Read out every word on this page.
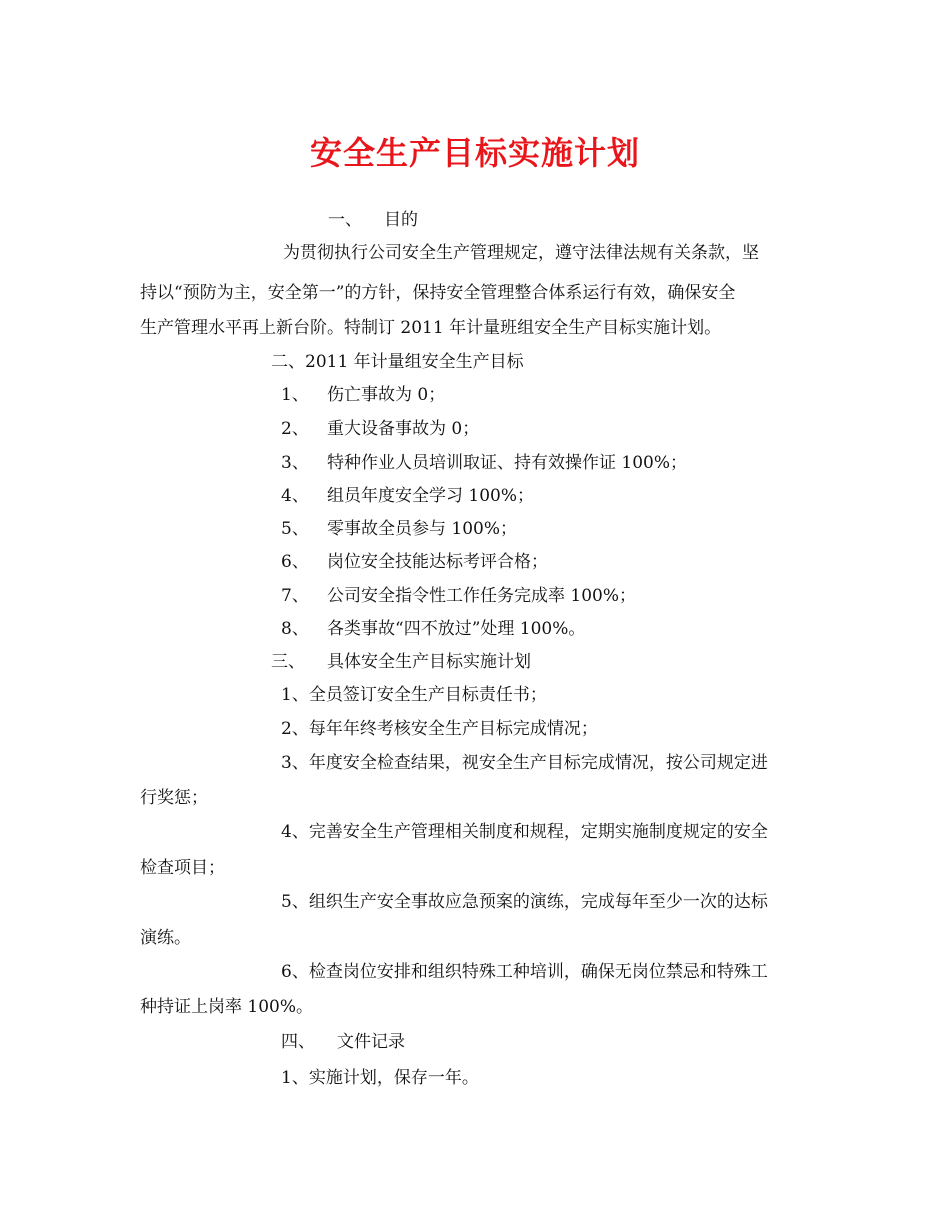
安全生产目标实施计划
一、 目的
为贯彻执行公司安全生产管理规定，遵守法律法规有关条款，坚
持以“预防为主，安全第一”的方针，保持安全管理整合体系运行有效，确保安全
生产管理水平再上新台阶。特制订 2011 年计量班组安全生产目标实施计划。
二、2011 年计量组安全生产目标
1、 伤亡事故为 0；
2、 重大设备事故为 0；
3、 特种作业人员培训取证、持有效操作证 100%；
4、 组员年度安全学习 100%；
5、 零事故全员参与 100%；
6、 岗位安全技能达标考评合格；
7、 公司安全指令性工作任务完成率 100%；
8、 各类事故“四不放过”处理 100%。
三、 具体安全生产目标实施计划
1、全员签订安全生产目标责任书；
2、每年年终考核安全生产目标完成情况；
3、年度安全检查结果，视安全生产目标完成情况，按公司规定进
行奖惩；
4、完善安全生产管理相关制度和规程，定期实施制度规定的安全
检查项目；
5、组织生产安全事故应急预案的演练，完成每年至少一次的达标
演练。
6、检查岗位安排和组织特殊工种培训，确保无岗位禁忌和特殊工
种持证上岗率 100%。
四、 文件记录
1、实施计划，保存一年。
